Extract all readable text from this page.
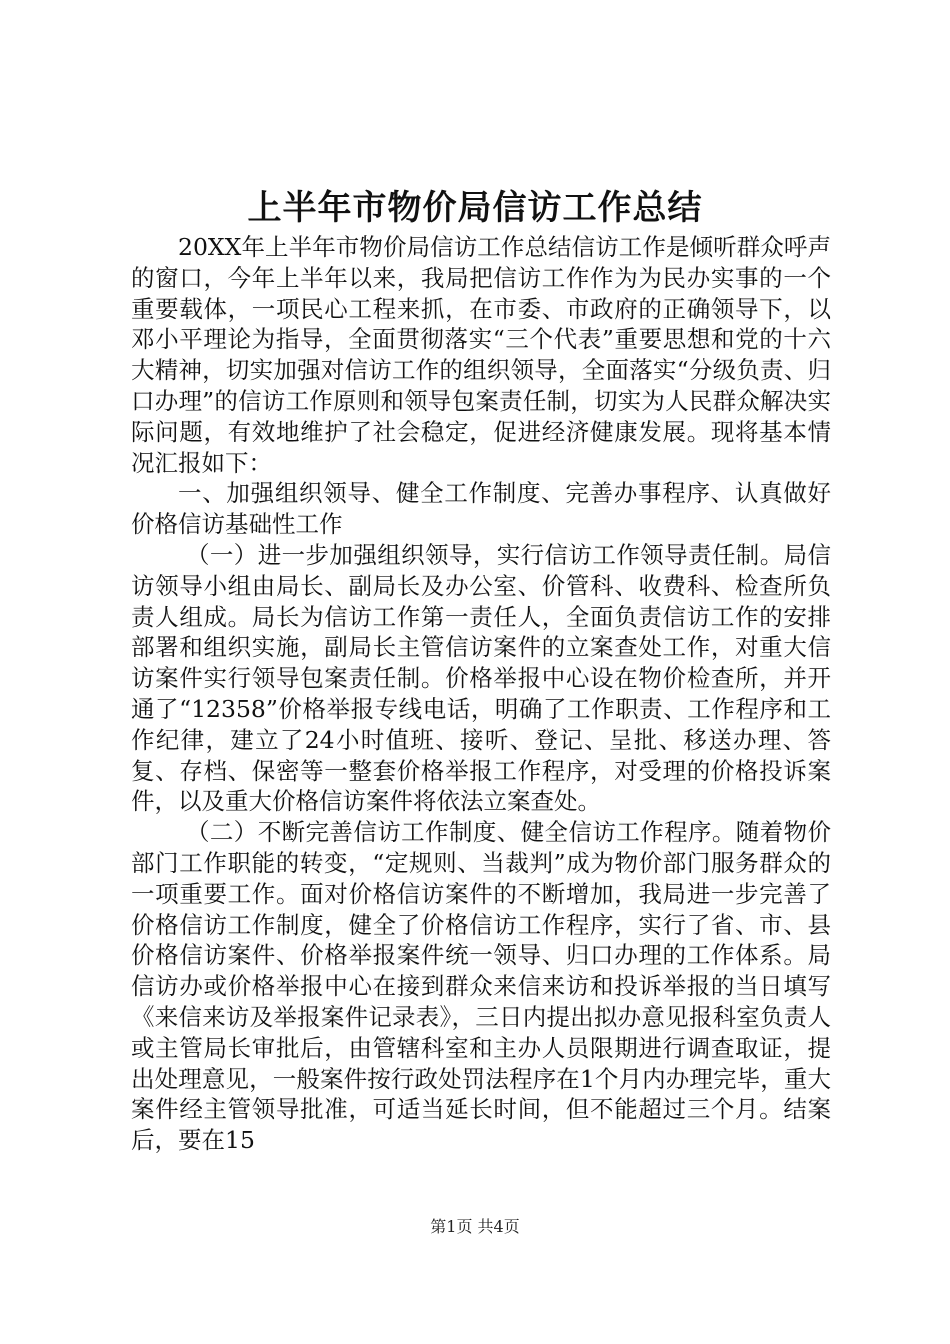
上半年市物价局信访工作总结

20XX年上半年市物价局信访工作总结信访工作是倾听群众呼声的窗口，今年上半年以来，我局把信访工作作为为民办实事的一个重要载体，一项民心工程来抓，在市委、市政府的正确领导下，以邓小平理论为指导，全面贯彻落实“三个代表”重要思想和党的十六大精神，切实加强对信访工作的组织领导，全面落实“分级负责、归口办理”的信访工作原则和领导包案责任制，切实为人民群众解决实际问题，有效地维护了社会稳定，促进经济健康发展。现将基本情况汇报如下：

一、加强组织领导、健全工作制度、完善办事程序、认真做好价格信访基础性工作

（一）进一步加强组织领导，实行信访工作领导责任制。局信访领导小组由局长、副局长及办公室、价管科、收费科、检查所负责人组成。局长为信访工作第一责任人，全面负责信访工作的安排部署和组织实施，副局长主管信访案件的立案查处工作，对重大信访案件实行领导包案责任制。价格举报中心设在物价检查所，并开通了“12358”价格举报专线电话，明确了工作职责、工作程序和工作纪律，建立了24小时值班、接听、登记、呈批、移送办理、答复、存档、保密等一整套价格举报工作程序，对受理的价格投诉案件，以及重大价格信访案件将依法立案查处。

（二）不断完善信访工作制度、健全信访工作程序。随着物价部门工作职能的转变，“定规则、当裁判”成为物价部门服务群众的一项重要工作。面对价格信访案件的不断增加，我局进一步完善了价格信访工作制度，健全了价格信访工作程序，实行了省、市、县价格信访案件、价格举报案件统一领导、归口办理的工作体系。局信访办或价格举报中心在接到群众来信来访和投诉举报的当日填写《来信来访及举报案件记录表》，三日内提出拟办意见报科室负责人或主管局长审批后，由管辖科室和主办人员限期进行调查取证，提出处理意见，一般案件按行政处罚法程序在1个月内办理完毕，重大案件经主管领导批准，可适当延长时间，但不能超过三个月。结案后，要在15

第1页 共4页
